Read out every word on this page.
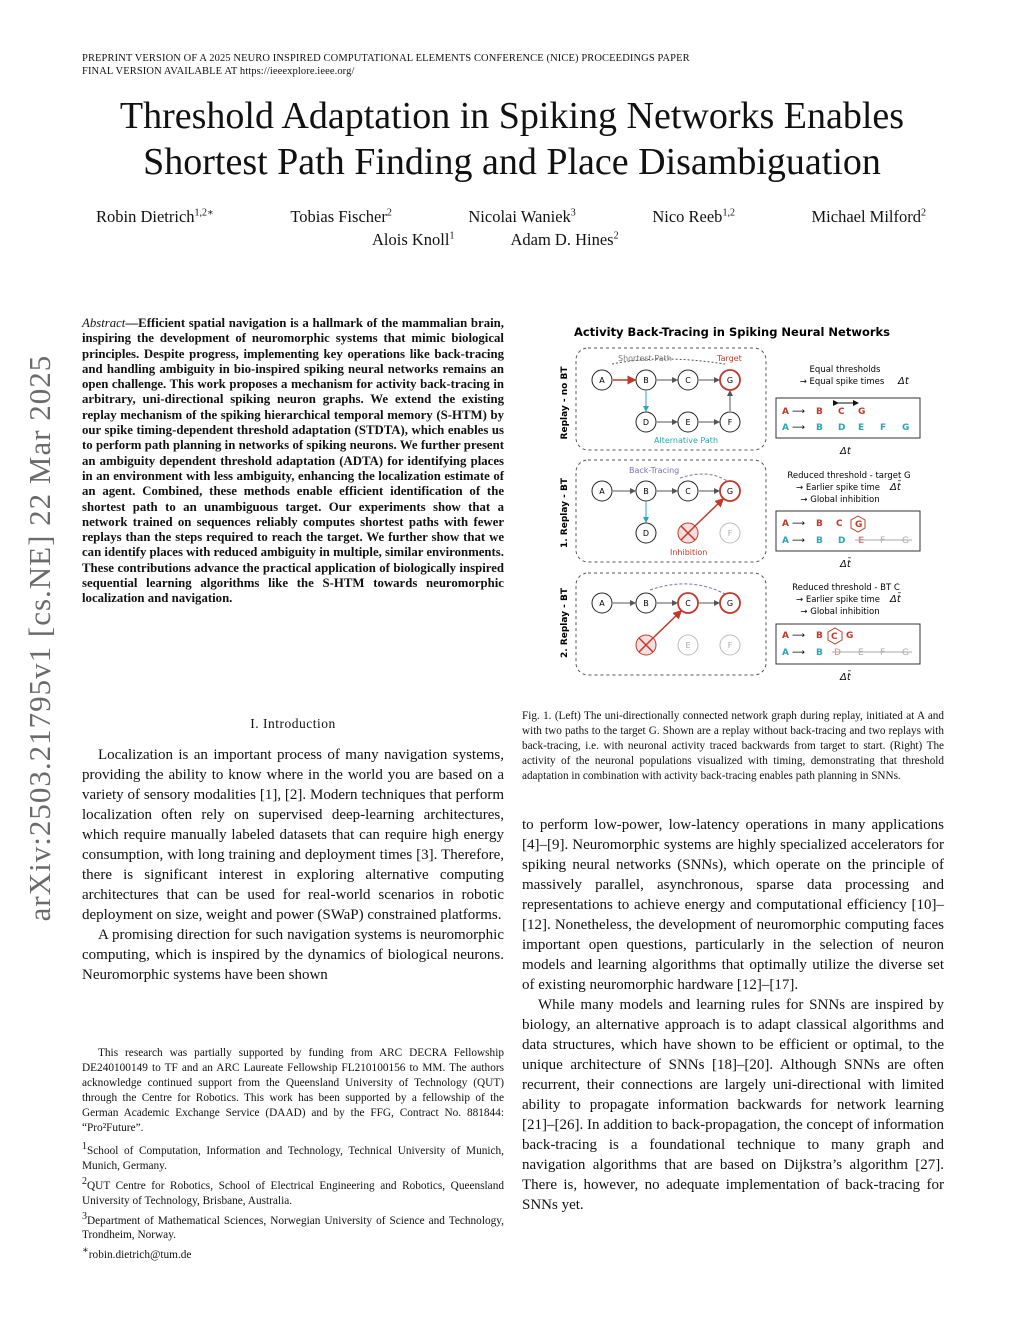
PREPRINT VERSION OF A 2025 NEURO INSPIRED COMPUTATIONAL ELEMENTS CONFERENCE (NICE) PROCEEDINGS PAPER
FINAL VERSION AVAILABLE AT https://ieeexplore.ieee.org/
arXiv:2503.21795v1 [cs.NE] 22 Mar 2025
Threshold Adaptation in Spiking Networks Enables
Shortest Path Finding and Place Disambiguation
Robin Dietrich$^{1,2∗}$	Tobias Fischer$^2$	Nicolai Waniek$^3$	Nico Reeb$^{1,2}$	Michael Milford$^2$
Alois Knoll$^1$	Adam D. Hines$^2$
Abstract—Efficient spatial navigation is a hallmark of the mammalian brain, inspiring the development of neuromorphic systems that mimic biological principles. Despite progress, implementing key operations like back-tracing and handling ambiguity in bio-inspired spiking neural networks remains an open challenge. This work proposes a mechanism for activity back-tracing in arbitrary, uni-directional spiking neuron graphs. We extend the existing replay mechanism of the spiking hierarchical temporal memory (S-HTM) by our spike timing-dependent threshold adaptation (STDTA), which enables us to perform path planning in networks of spiking neurons. We further present an ambiguity dependent threshold adaptation (ADTA) for identifying places in an environment with less ambiguity, enhancing the localization estimate of an agent. Combined, these methods enable efficient identification of the shortest path to an unambiguous target. Our experiments show that a network trained on sequences reliably computes shortest paths with fewer replays than the steps required to reach the target. We further show that we can identify places with reduced ambiguity in multiple, similar environments. These contributions advance the practical application of biologically inspired sequential learning algorithms like the S-HTM towards neuromorphic localization and navigation.
I. Introduction

Localization is an important process of many navigation systems, providing the ability to know where in the world you are based on a variety of sensory modalities [1], [2]. Modern techniques that perform localization often rely on supervised deep-learning architectures, which require manually labeled datasets that can require high energy consumption, with long training and deployment times [3]. Therefore, there is significant interest in exploring alternative computing architectures that can be used for real-world scenarios in robotic deployment on size, weight and power (SWaP) constrained platforms.

A promising direction for such navigation systems is neuromorphic computing, which is inspired by the dynamics of biological neurons. Neuromorphic systems have been shown

This research was partially supported by funding from ARC DECRA Fellowship DE240100149 to TF and an ARC Laureate Fellowship FL210100156 to MM. The authors acknowledge continued support from the Queensland University of Technology (QUT) through the Centre for Robotics. This work has been supported by a fellowship of the German Academic Exchange Service (DAAD) and by the FFG, Contract No. 881844: “Pro²Future”.

$^1$School of Computation, Information and Technology, Technical University of Munich, Munich, Germany.

$^2$QUT Centre for Robotics, School of Electrical Engineering and Robotics, Queensland University of Technology, Brisbane, Australia.

$^3$Department of Mathematical Sciences, Norwegian University of Science and Technology, Trondheim, Norway.

∗robin.dietrich@tum.de

Activity Back-Tracing in Spiking Neural Networks
Replay - no BT
1. Replay - BT
2. Replay - BT
Shortest Path	Target
A	B	C	G
D	E	F
Alternative Path
Back-Tracing
A	B	C	G
D	F
Inhibition
A	B	C	G
E	F
Equal thresholds
→ Equal spike times Δt
A ⟶ B C G
A ⟶ B D E F G
Δt
Reduced threshold - target G
→ Earlier spike time Δt̄
→ Global inhibition
A ⟶ B C G
A ⟶ B D E F G
Δt̄
Reduced threshold - BT C
→ Earlier spike time Δt̄
→ Global inhibition
A ⟶ B C G
A ⟶ B D E F G
Δt̄
Fig. 1. (Left) The uni-directionally connected network graph during replay, initiated at A and with two paths to the target G. Shown are a replay without back-tracing and two replays with back-tracing, i.e. with neuronal activity traced backwards from target to start. (Right) The activity of the neuronal populations visualized with timing, demonstrating that threshold adaptation in combination with activity back-tracing enables path planning in SNNs.

to perform low-power, low-latency operations in many applications [4]–[9]. Neuromorphic systems are highly specialized accelerators for spiking neural networks (SNNs), which operate on the principle of massively parallel, asynchronous, sparse data processing and representations to achieve energy and computational efficiency [10]–[12]. Nonetheless, the development of neuromorphic computing faces important open questions, particularly in the selection of neuron models and learning algorithms that optimally utilize the diverse set of existing neuromorphic hardware [12]–[17].

While many models and learning rules for SNNs are inspired by biology, an alternative approach is to adapt classical algorithms and data structures, which have shown to be efficient or optimal, to the unique architecture of SNNs [18]–[20]. Although SNNs are often recurrent, their connections are largely uni-directional with limited ability to propagate information backwards for network learning [21]–[26]. In addition to back-propagation, the concept of information back-tracing is a foundational technique to many graph and navigation algorithms that are based on Dijkstra’s algorithm [27]. There is, however, no adequate implementation of back-tracing for SNNs yet.
